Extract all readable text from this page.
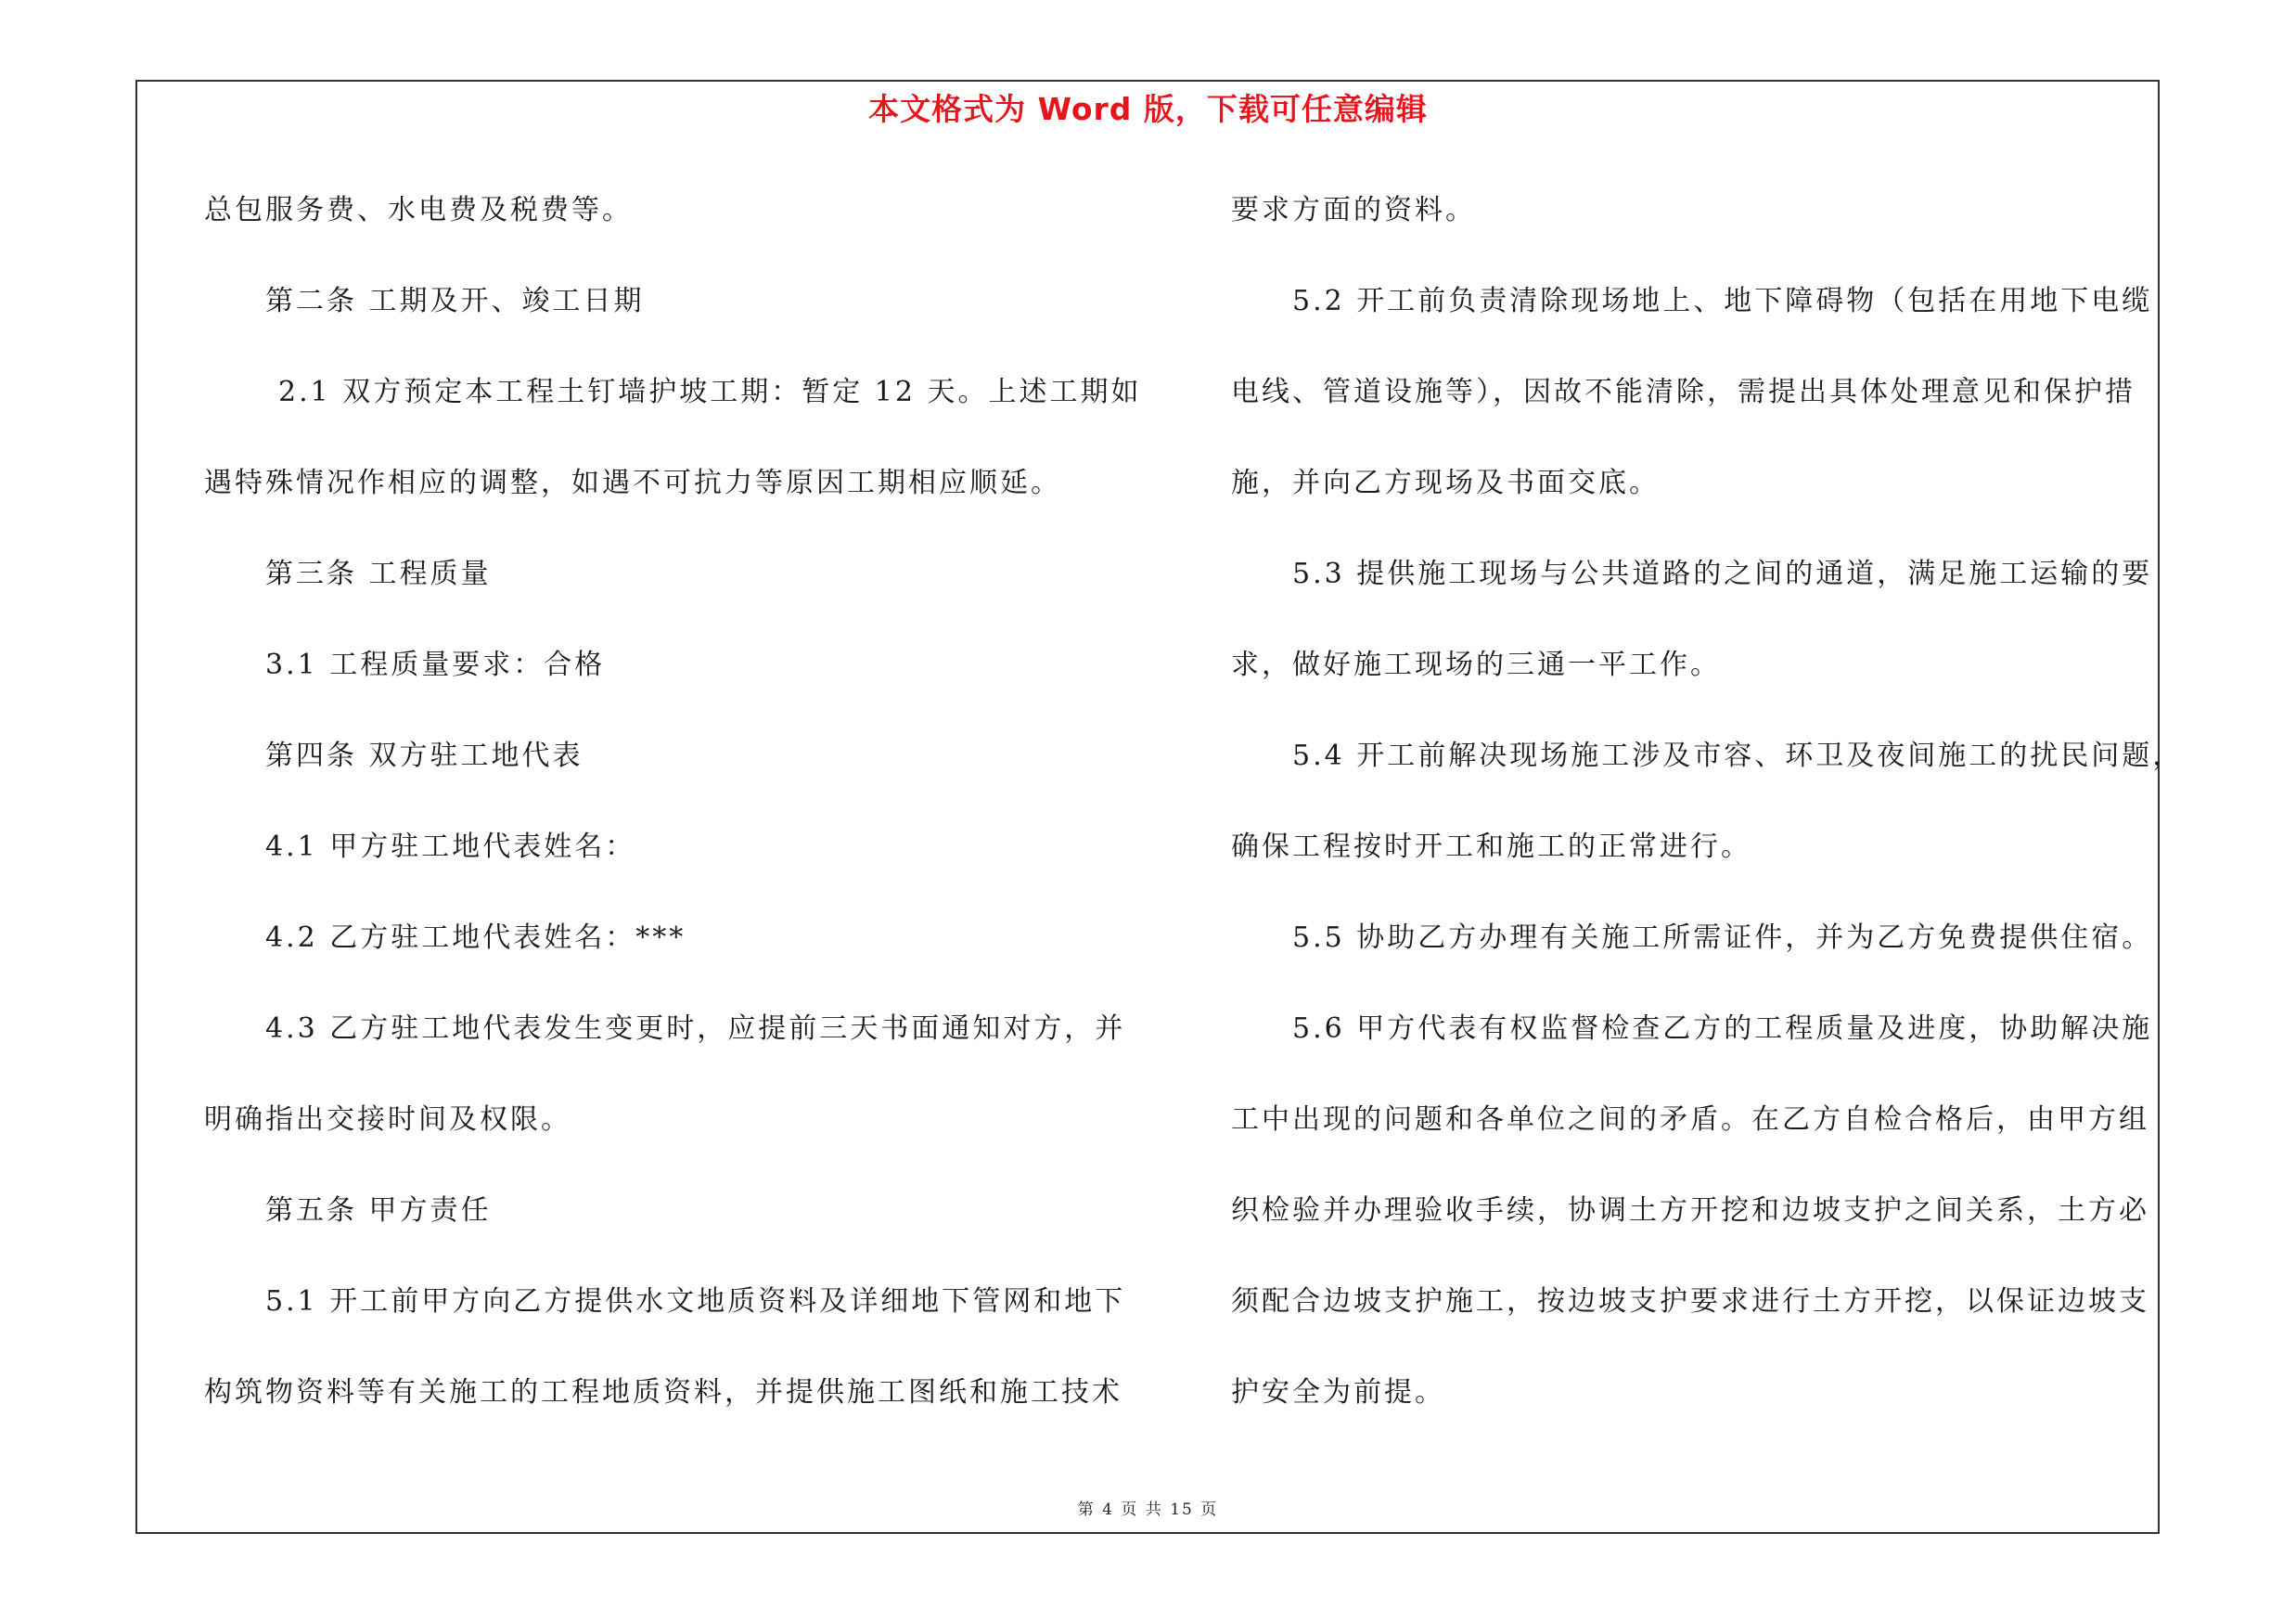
本文格式为 Word 版，下载可任意编辑
总包服务费、水电费及税费等。
第二条 工期及开、竣工日期
2.1 双方预定本工程土钉墙护坡工期：暂定 12 天。上述工期如
遇特殊情况作相应的调整，如遇不可抗力等原因工期相应顺延。
第三条 工程质量
3.1 工程质量要求：合格
第四条 双方驻工地代表
4.1 甲方驻工地代表姓名：
4.2 乙方驻工地代表姓名：***
4.3 乙方驻工地代表发生变更时，应提前三天书面通知对方，并
明确指出交接时间及权限。
第五条 甲方责任
5.1 开工前甲方向乙方提供水文地质资料及详细地下管网和地下
构筑物资料等有关施工的工程地质资料，并提供施工图纸和施工技术
要求方面的资料。
5.2 开工前负责清除现场地上、地下障碍物（包括在用地下电缆
电线、管道设施等），因故不能清除，需提出具体处理意见和保护措
施，并向乙方现场及书面交底。
5.3 提供施工现场与公共道路的之间的通道，满足施工运输的要
求，做好施工现场的三通一平工作。
5.4 开工前解决现场施工涉及市容、环卫及夜间施工的扰民问题，
确保工程按时开工和施工的正常进行。
5.5 协助乙方办理有关施工所需证件，并为乙方免费提供住宿。
5.6 甲方代表有权监督检查乙方的工程质量及进度，协助解决施
工中出现的问题和各单位之间的矛盾。在乙方自检合格后，由甲方组
织检验并办理验收手续，协调土方开挖和边坡支护之间关系，土方必
须配合边坡支护施工，按边坡支护要求进行土方开挖，以保证边坡支
护安全为前提。
第 4 页 共 15 页
